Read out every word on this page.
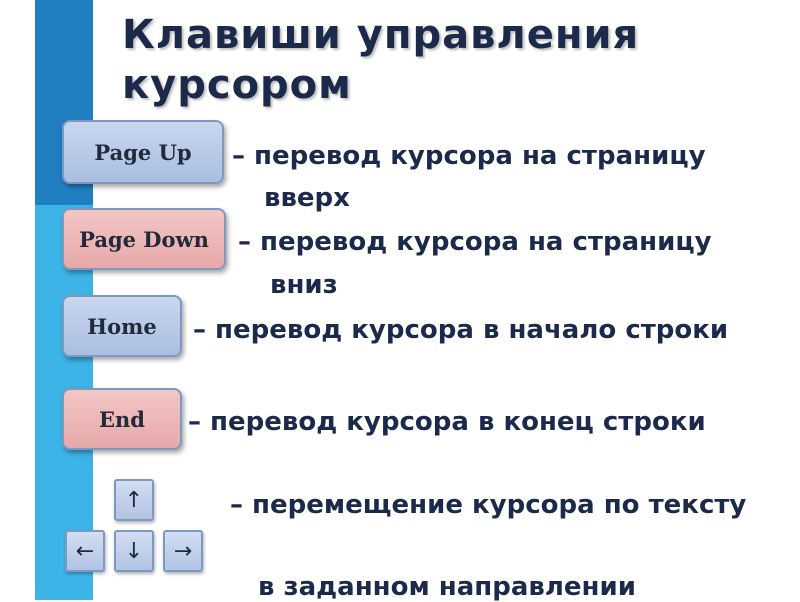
Клавиши управления
курсором
Page Up – перевод курсора на страницу
вверх
Page Down – перевод курсора на страницу
вниз
Home – перевод курсора в начало строки
End – перевод курсора в конец строки
↑
← ↓ →
– перемещение курсора по тексту
в заданном направлении
